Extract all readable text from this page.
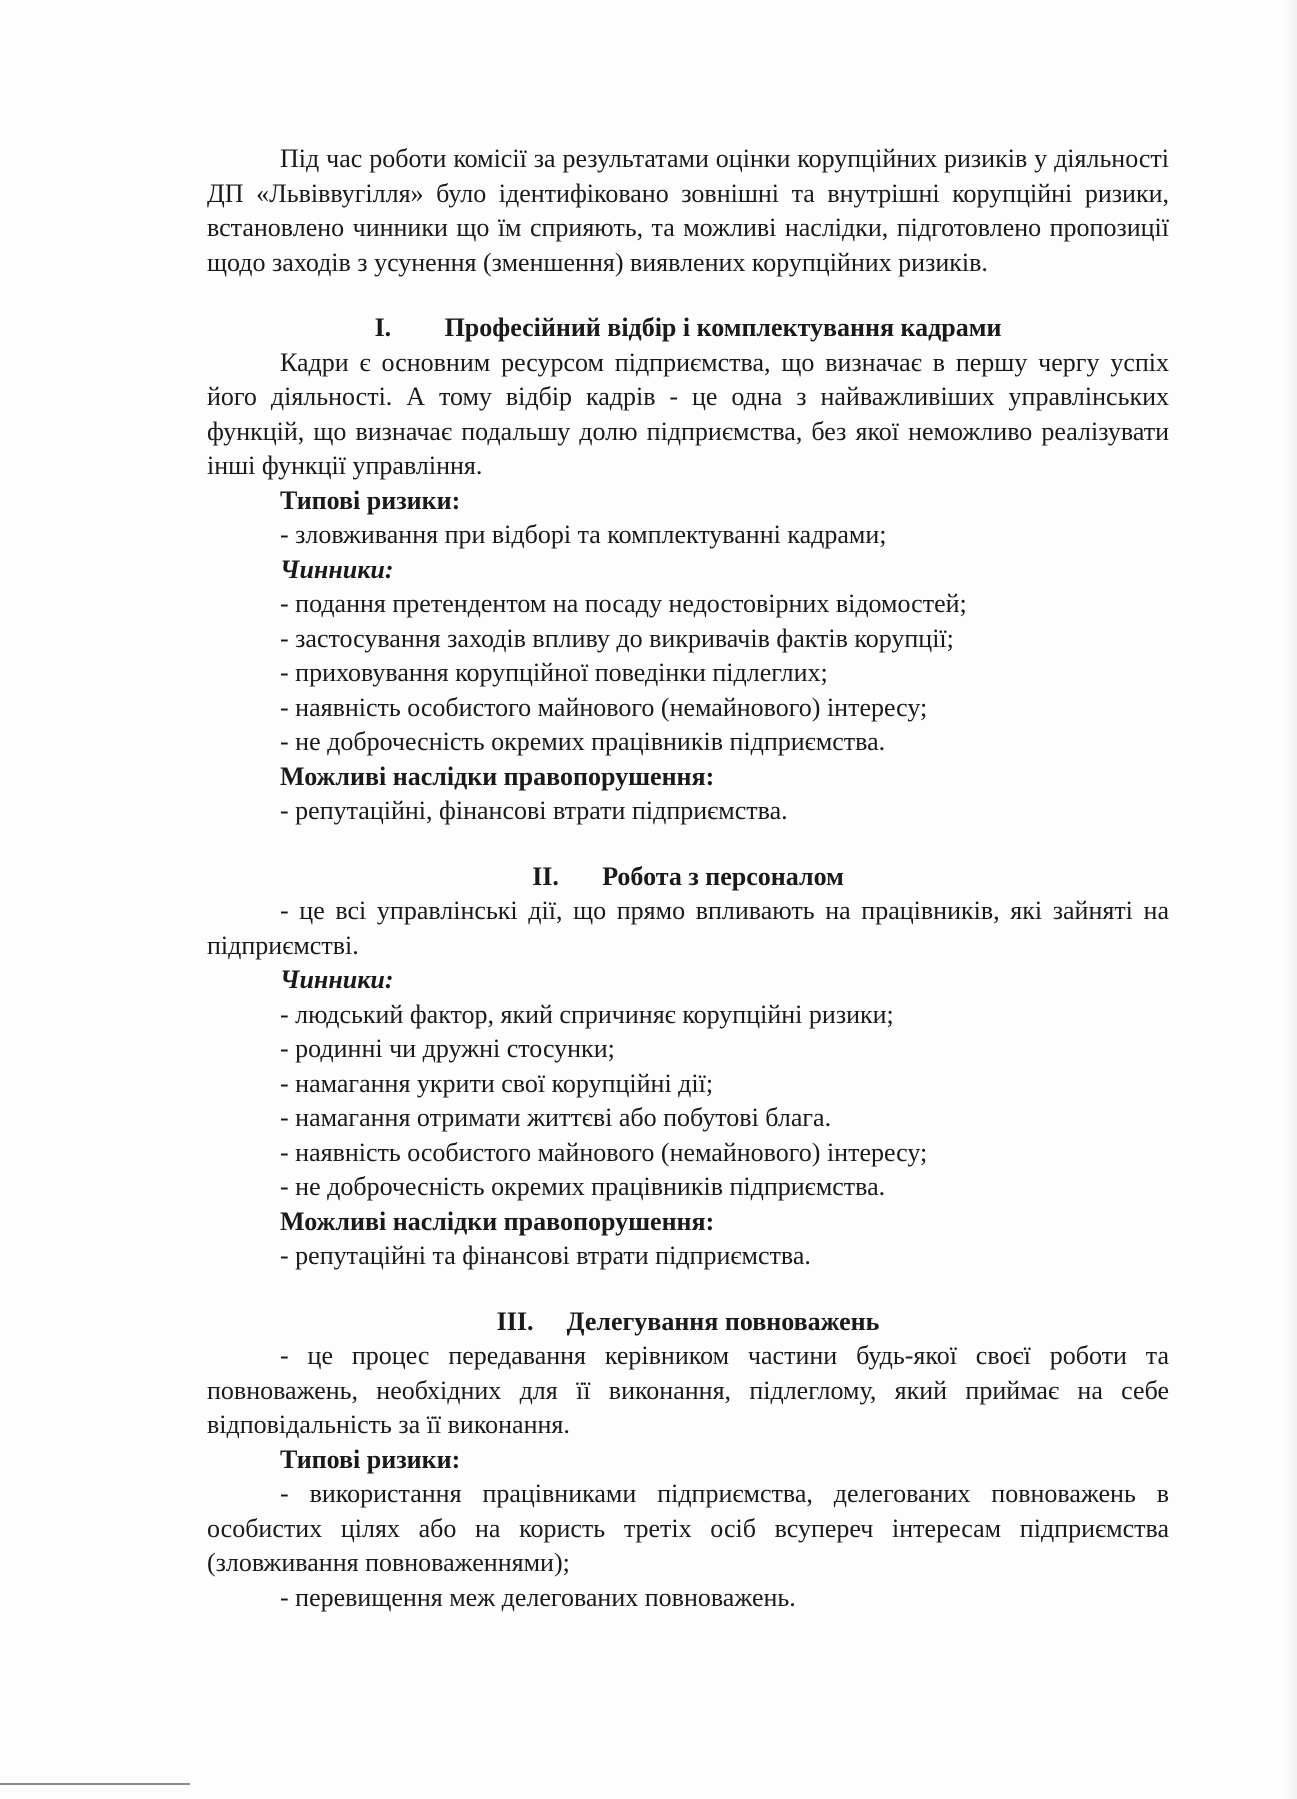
Під час роботи комісії за результатами оцінки корупційних ризиків у діяльності ДП «Львіввугілля» було ідентифіковано зовнішні та внутрішні корупційні ризики, встановлено чинники що їм сприяють, та можливі наслідки, підготовлено пропозиції щодо заходів з усунення (зменшення) виявлених корупційних ризиків.

I. Професійний відбір і комплектування кадрами

Кадри є основним ресурсом підприємства, що визначає в першу чергу успіх його діяльності. А тому відбір кадрів - це одна з найважливіших управлінських функцій, що визначає подальшу долю підприємства, без якої неможливо реалізувати інші функції управління.

Типові ризики:

- зловживання при відборі та комплектуванні кадрами;

Чинники:

- подання претендентом на посаду недостовірних відомостей;

- застосування заходів впливу до викривачів фактів корупції;

- приховування корупційної поведінки підлеглих;

- наявність особистого майнового (немайнового) інтересу;

- не доброчесність окремих працівників підприємства.

Можливі наслідки правопорушення:

- репутаційні, фінансові втрати підприємства.

II. Робота з персоналом

- це всі управлінські дії, що прямо впливають на працівників, які зайняті на підприємстві.

Чинники:

- людський фактор, який спричиняє корупційні ризики;

- родинні чи дружні стосунки;

- намагання укрити свої корупційні дії;

- намагання отримати життєві або побутові блага.

- наявність особистого майнового (немайнового) інтересу;

- не доброчесність окремих працівників підприємства.

Можливі наслідки правопорушення:

- репутаційні та фінансові втрати підприємства.

III. Делегування повноважень

- це процес передавання керівником частини будь-якої своєї роботи та повноважень, необхідних для її виконання, підлеглому, який приймає на себе відповідальність за її виконання.

Типові ризики:

- використання працівниками підприємства, делегованих повноважень в особистих цілях або на користь третіх осіб всупереч інтересам підприємства (зловживання повноваженнями);

- перевищення меж делегованих повноважень.
